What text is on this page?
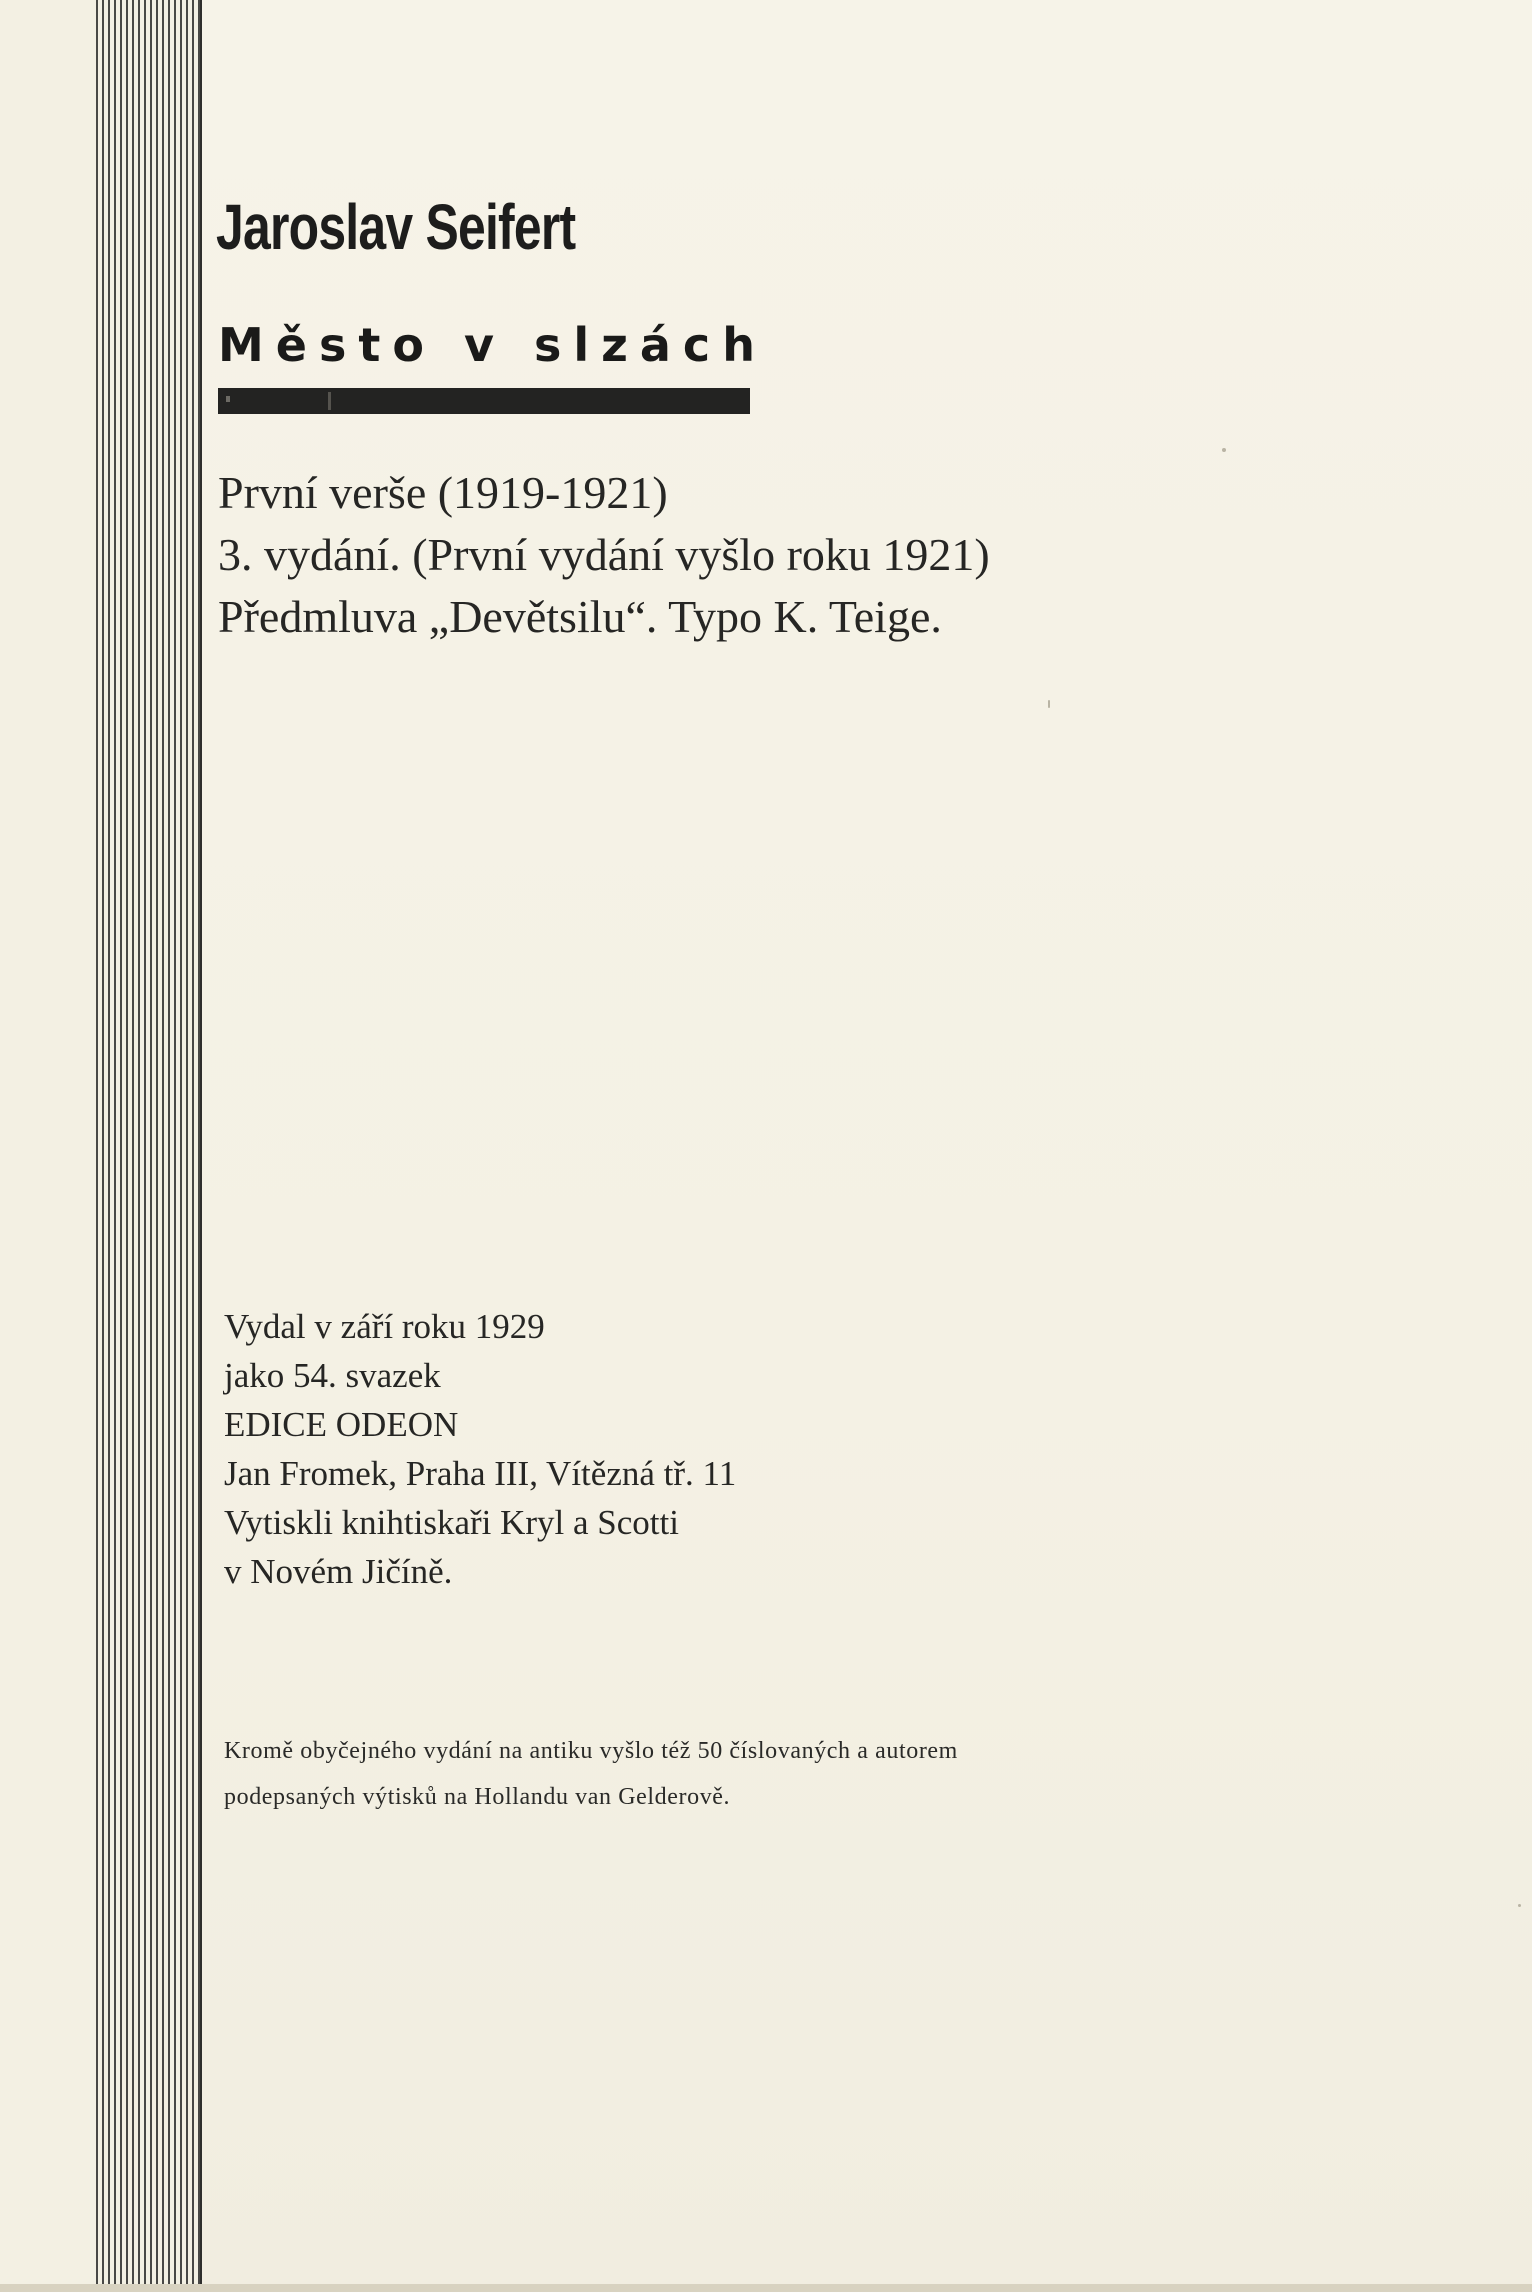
Jaroslav Seifert
Město v slzách
První verše (1919-1921)
3. vydání. (První vydání vyšlo roku 1921)
Předmluva „Devětsilu“. Typo K. Teige.
Vydal v září roku 1929
jako 54. svazek
EDICE ODEON
Jan Fromek, Praha III, Vítězná tř. 11
Vytiskli knihtiskaři Kryl a Scotti
v Novém Jičíně.
Kromě obyčejného vydání na antiku vyšlo též 50 číslovaných a autorem
podepsaných výtisků na Hollandu van Gelderově.
